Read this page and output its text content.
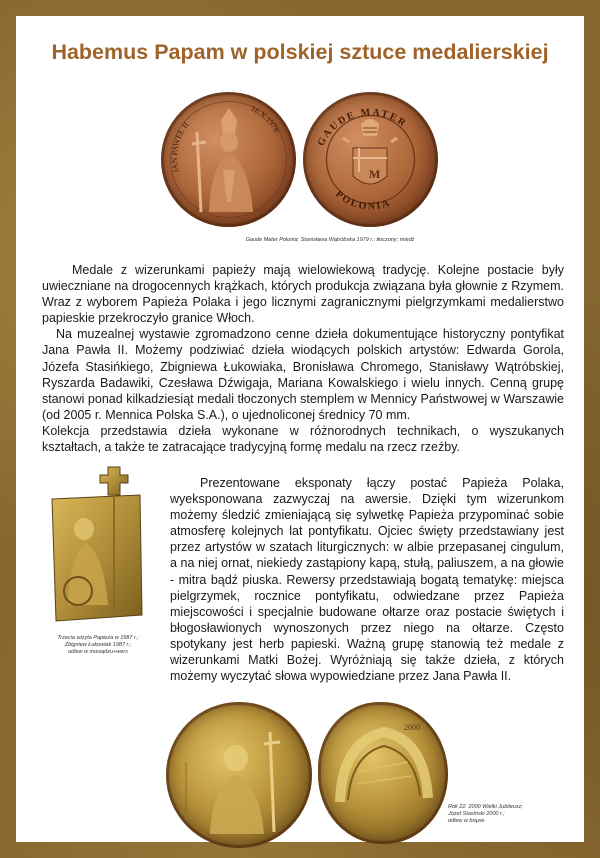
Habemus Papam w polskiej sztuce medalierskiej
JAN PAWEŁ II
16.X.1978
M
GAUDE MATER
POLONIA
Gaude Mater Polonia; Stanisława Wątróbska 1979 r.; tłoczony; miedź

Medale z wizerunkami papieży mają wielowiekową tradycję. Kolejne postacie były uwieczniane na drogocennych krążkach, których produkcja związana była głownie z Rzymem. Wraz z wyborem Papieża Polaka i jego licznymi zagranicznymi pielgrzymkami medalierstwo papieskie przekroczyło granice Włoch.

Na muzealnej wystawie zgromadzono cenne dzieła dokumentujące historyczny pontyfikat Jana Pawła II. Możemy podziwiać dzieła wiodących polskich artystów: Edwarda Gorola, Józefa Stasińkiego, Zbigniewa Łukowiaka, Bronisława Chromego, Stanisławy Wątróbskiej, Ryszarda Badawiki, Czesława Dźwigaja, Mariana Kowalskiego i wielu innych. Cenną grupę stanowi ponad kilkadziesiąt medali tłoczonych stemplem w Mennicy Państwowej w Warszawie (od 2005 r. Mennica Polska S.A.), o ujednoliconej średnicy 70 mm.

Kolekcja przedstawia dzieła wykonane w różnorodnych technikach, o wyszukanych kształtach, a także te zatracające tradycyjną formę medalu na rzecz rzeźby.

Trzecia wizyta Papieża w 1987 r.;
Zbigniew Łukowiak 1987 r.;
odlew w mosiądzu+wers

Prezentowane eksponaty łączy postać Papieża Polaka, wyeksponowana zazwyczaj na awersie. Dzięki tym wizerunkom możemy śledzić zmieniającą się sylwetkę Papieża przypominać sobie atmosferę kolejnych lat pontyfikatu. Ojciec święty przedstawiany jest przez artystów w szatach liturgicznych: w albie przepasanej cingulum, a na niej ornat, niekiedy zastąpiony kapą, stułą, paliuszem, a na głowie - mitra bądź piuska. Rewersy przedstawiają bogatą tematykę: miejsca pielgrzymek, rocznice pontyfikatu, odwiedzane przez Papieża miejscowości i specjalnie budowane ołtarze oraz postacie świętych i błogosławionych wynoszonych przez niego na ołtarze. Często spotykany jest herb papieski. Ważną grupę stanowią też medale z wizerunkami Matki Bożej. Wyróżniają się także dzieła, z których możemy wyczytać słowa wypowiedziane przez Jana Pawła II.

2000
Rok 22. 2000 Wielki Jubileusz;
Józef Stasiński 2000 r.;
odlew w brązie
